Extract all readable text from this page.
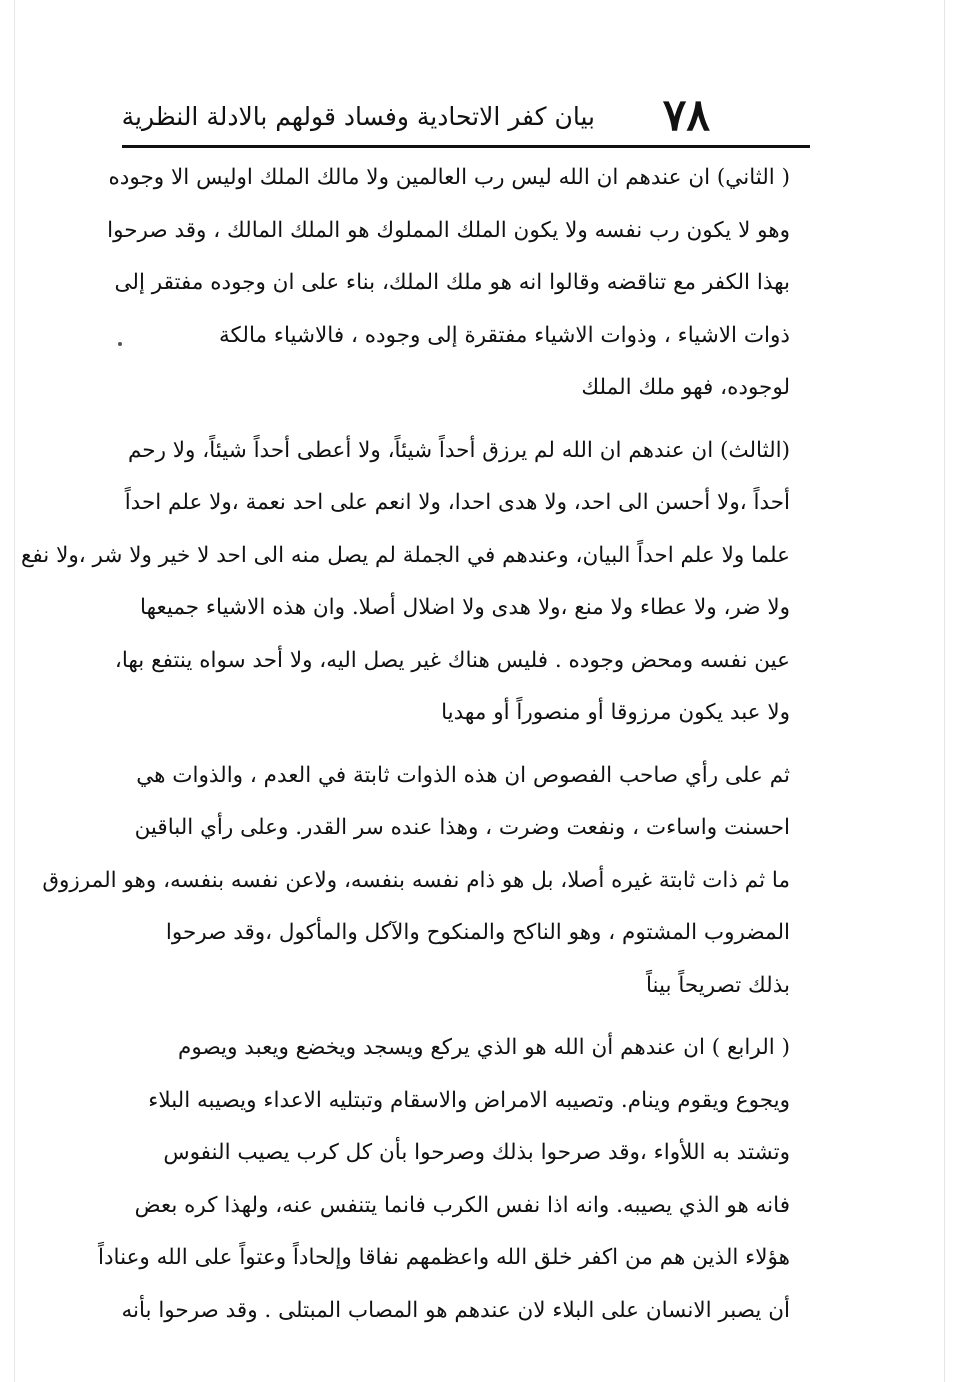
٧٨
بيان كفر الاتحادية وفساد قولهم بالادلة النظرية
( الثاني) ان عندهم ان الله ليس رب العالمين ولا مالك الملك اوليس الا وجوده
وهو لا يكون رب نفسه ولا يكون الملك المملوك هو الملك المالك ، وقد صرحوا
بهذا الكفر مع تناقضه وقالوا انه هو ملك الملك، بناء على ان وجوده مفتقر إلى
ذوات الاشياء ، وذوات الاشياء مفتقرة إلى وجوده ، فالاشياء مالكة
لوجوده، فهو ملك الملك
(الثالث) ان عندهم ان الله لم يرزق أحداً شيئاً، ولا أعطى أحداً شيئاً، ولا رحم
أحداً ،ولا أحسن الى احد، ولا هدى احدا، ولا انعم على احد نعمة ،ولا علم احداً
علما ولا علم احداً البيان، وعندهم في الجملة لم يصل منه الى احد لا خير ولا شر ،ولا نفع
ولا ضر، ولا عطاء ولا منع ،ولا هدى ولا اضلال أصلا. وان هذه الاشياء جميعها
عين نفسه ومحض وجوده . فليس هناك غير يصل اليه، ولا أحد سواه ينتفع بها،
ولا عبد يكون مرزوقا أو منصوراً أو مهديا
ثم على رأي صاحب الفصوص ان هذه الذوات ثابتة في العدم ، والذوات هي
احسنت واساءت ، ونفعت وضرت ، وهذا عنده سر القدر. وعلى رأي الباقين
ما ثم ذات ثابتة غيره أصلا، بل هو ذام نفسه بنفسه، ولاعن نفسه بنفسه، وهو المرزوق
المضروب المشتوم ، وهو الناكح والمنكوح والآكل والمأكول ،وقد صرحوا
بذلك تصريحاً بيناً
( الرابع ) ان عندهم أن الله هو الذي يركع ويسجد ويخضع ويعبد ويصوم
ويجوع ويقوم وينام. وتصيبه الامراض والاسقام وتبتليه الاعداء ويصيبه البلاء
وتشتد به اللأواء ،وقد صرحوا بذلك وصرحوا بأن كل كرب يصيب النفوس
فانه هو الذي يصيبه. وانه اذا نفس الكرب فانما يتنفس عنه، ولهذا كره بعض
هؤلاء الذين هم من اكفر خلق الله واعظمهم نفاقا وإلحاداً وعتواً على الله وعناداً
أن يصبر الانسان على البلاء لان عندهم هو المصاب المبتلى . وقد صرحوا بأنه
